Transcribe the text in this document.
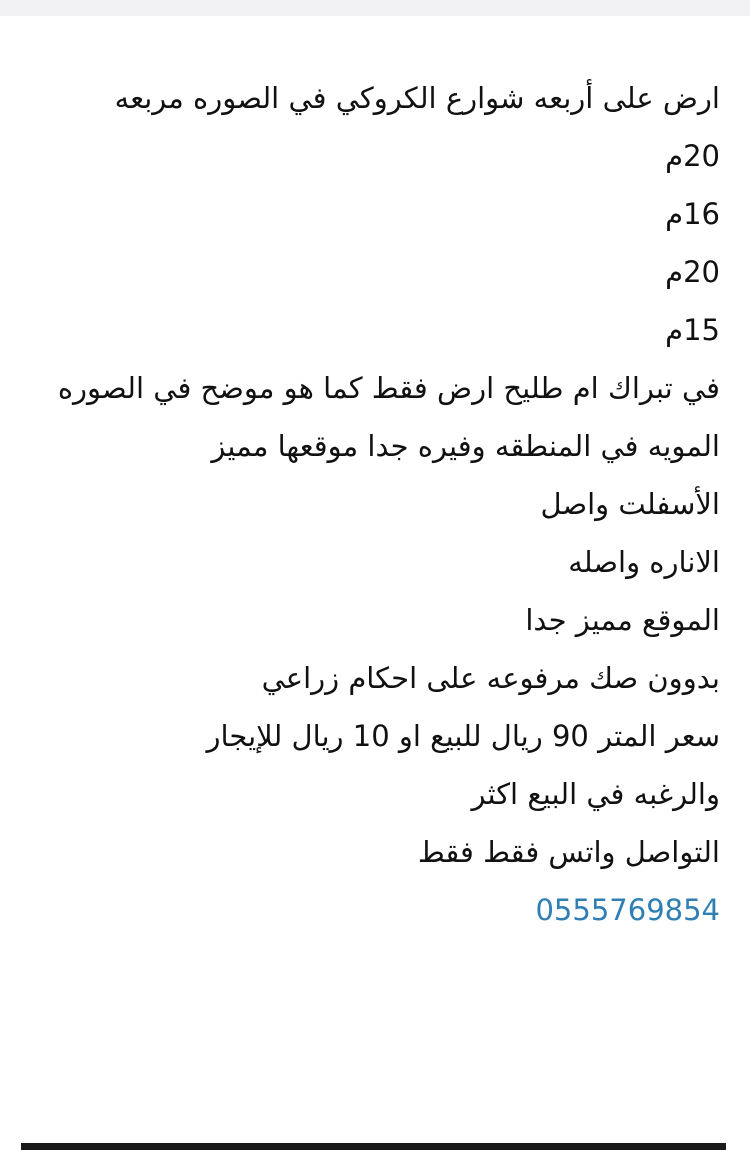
ارض على أربعه شوارع الكروكي في الصوره مربعه
20م
16م
20م
15م
في تبراك ام طليح ارض فقط كما هو موضح في الصوره
المويه في المنطقه وفيره جدا موقعها مميز
الأسفلت واصل
الاناره واصله
الموقع مميز جدا
بدوون صك مرفوعه على احكام زراعي
سعر المتر 90 ريال للبيع او 10 ريال للإيجار
والرغبه في البيع اكثر
التواصل واتس فقط فقط
0555769854
